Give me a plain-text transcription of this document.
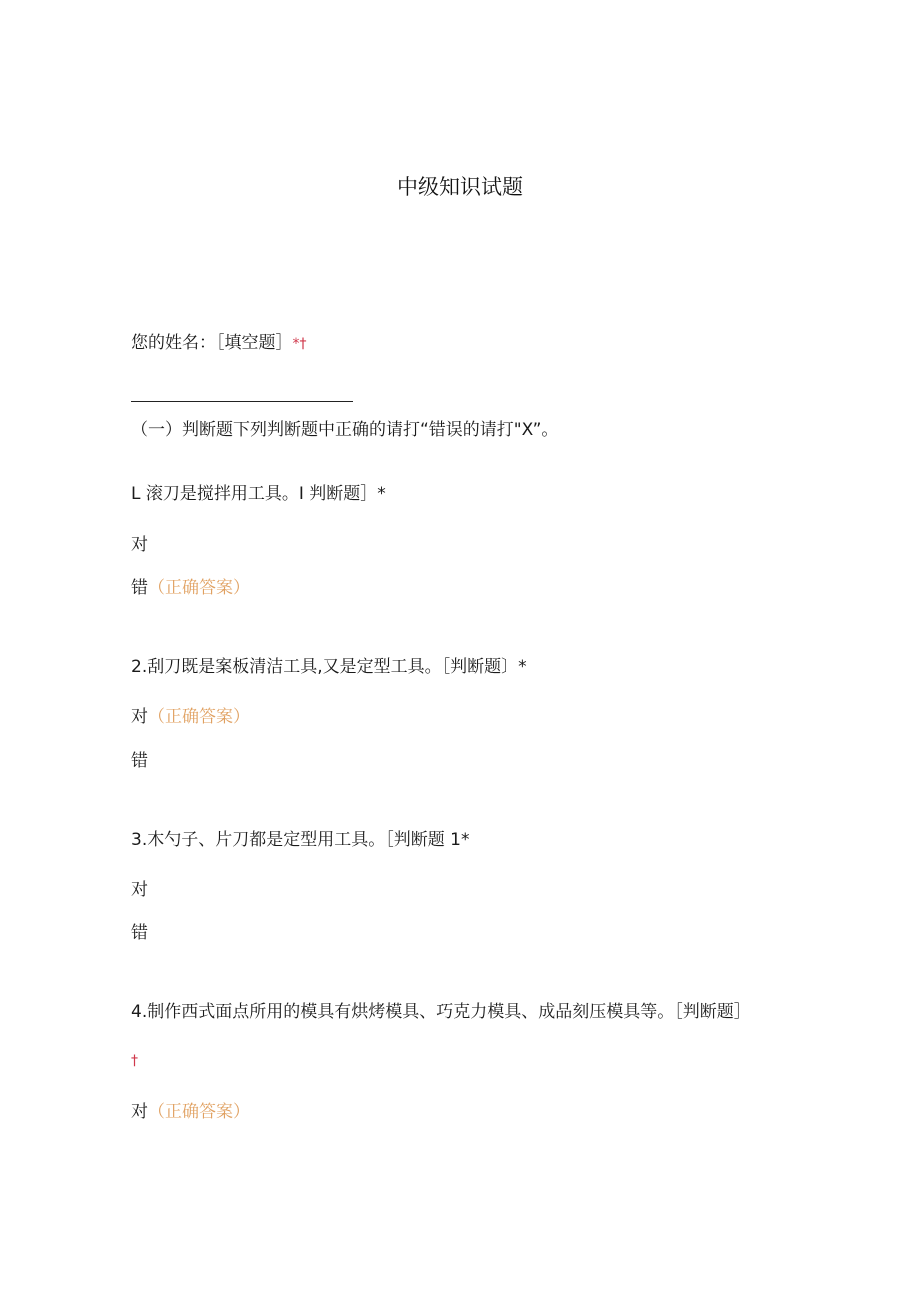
中级知识试题
您的姓名：［填空题］*†
（一）判断题下列判断题中正确的请打“错误的请打"X”。
L 滚刀是搅拌用工具。I 判断题］*
对
错（正确答案）
2.刮刀既是案板清洁工具,又是定型工具。［判断题〕*
对（正确答案）
错
3.木勺子、片刀都是定型用工具。［判断题 1*
对
错
4.制作西式面点所用的模具有烘烤模具、巧克力模具、成品刻压模具等。［判断题］
†
对（正确答案）
